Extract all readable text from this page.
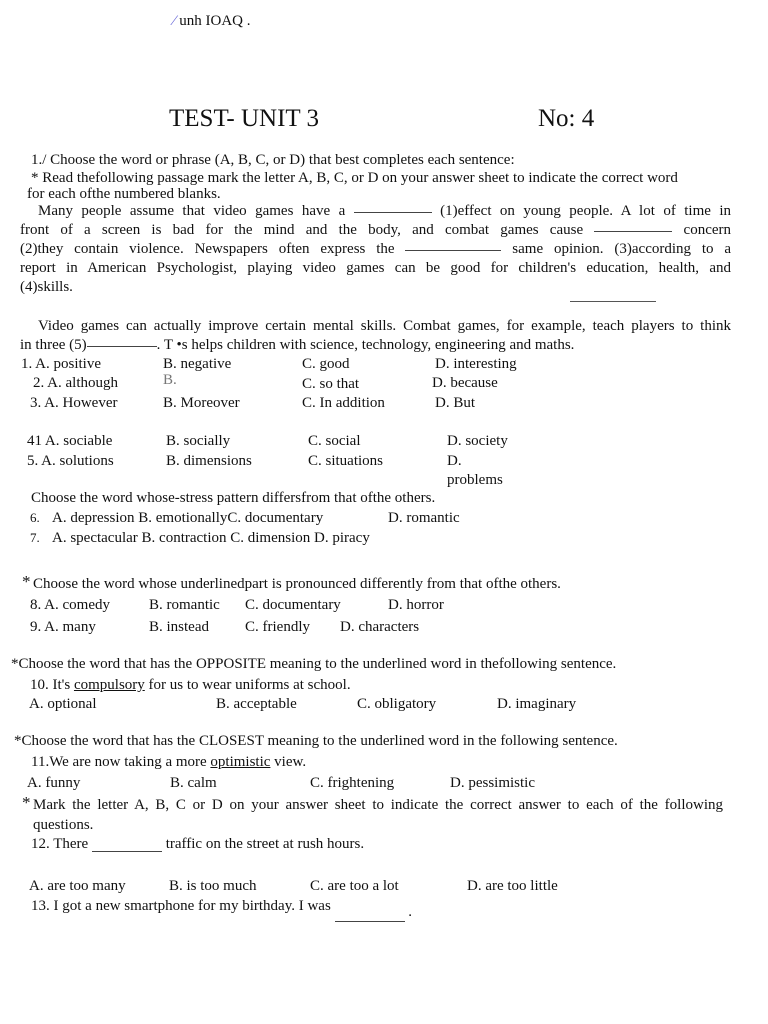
⁄ unh IOAQ .
TEST- UNIT 3	No: 4
1./ Choose the word or phrase (A, B, C, or D) that best completes each sentence:
* Read thefollowing passage mark the letter A, B, C, or D on your answer sheet to indicate the correct word
for each ofthe numbered blanks.
Many people assume that video games have a	(1)effect on young people. A lot of time in
front of a screen is bad for the mind and the body, and combat games cause	concern
(2)they contain violence. Newspapers often express the	same opinion. (3)according to a
report in American Psychologist, playing video games can be good for children's education, health, and
(4)skills.
Video games can actually improve certain mental skills. Combat games, for example, teach players to think
in three (5)	. T •s helps children with science, technology, engineering and maths.
1. A. positive	B. negative	C. good	D. interesting
2. A. although	B.	C. so that	D. because
3. A. However	B. Moreover	C. In addition	D. But
41 A. sociable	B. socially	C. social	D. society
5. A. solutions	B. dimensions	C. situations	D.
problems
Choose the word whose-stress pattern differsfrom that ofthe others.
6. A. depression B. emotionallyC. documentary	D. romantic
7. A. spectacular B. contraction C. dimension D. piracy
* Choose the word whose underlinedpart is pronounced differently from that ofthe others.
8. A. comedy	B. romantic C. documentary	D. horror
9. A. many	B. instead C. friendly D. characters
*Choose the word that has the OPPOSITE meaning to the underlined word in thefollowing sentence.
10. It's compulsory for us to wear uniforms at school.
A. optional	B. acceptable	C. obligatory	D. imaginary
*Choose the word that has the CLOSEST meaning to the underlined word in the following sentence.
11.We are now taking a more optimistic view.
A. funny	B. calm	C. frightening	D. pessimistic
* Mark the letter A, B, C or D on your answer sheet to indicate the correct answer to each of the following
questions.
12. There	traffic on the street at rush hours.
A. are too many	B. is too much	C. are too a lot	D. are too little
13. I got a new smartphone for my birthday. I was	.
